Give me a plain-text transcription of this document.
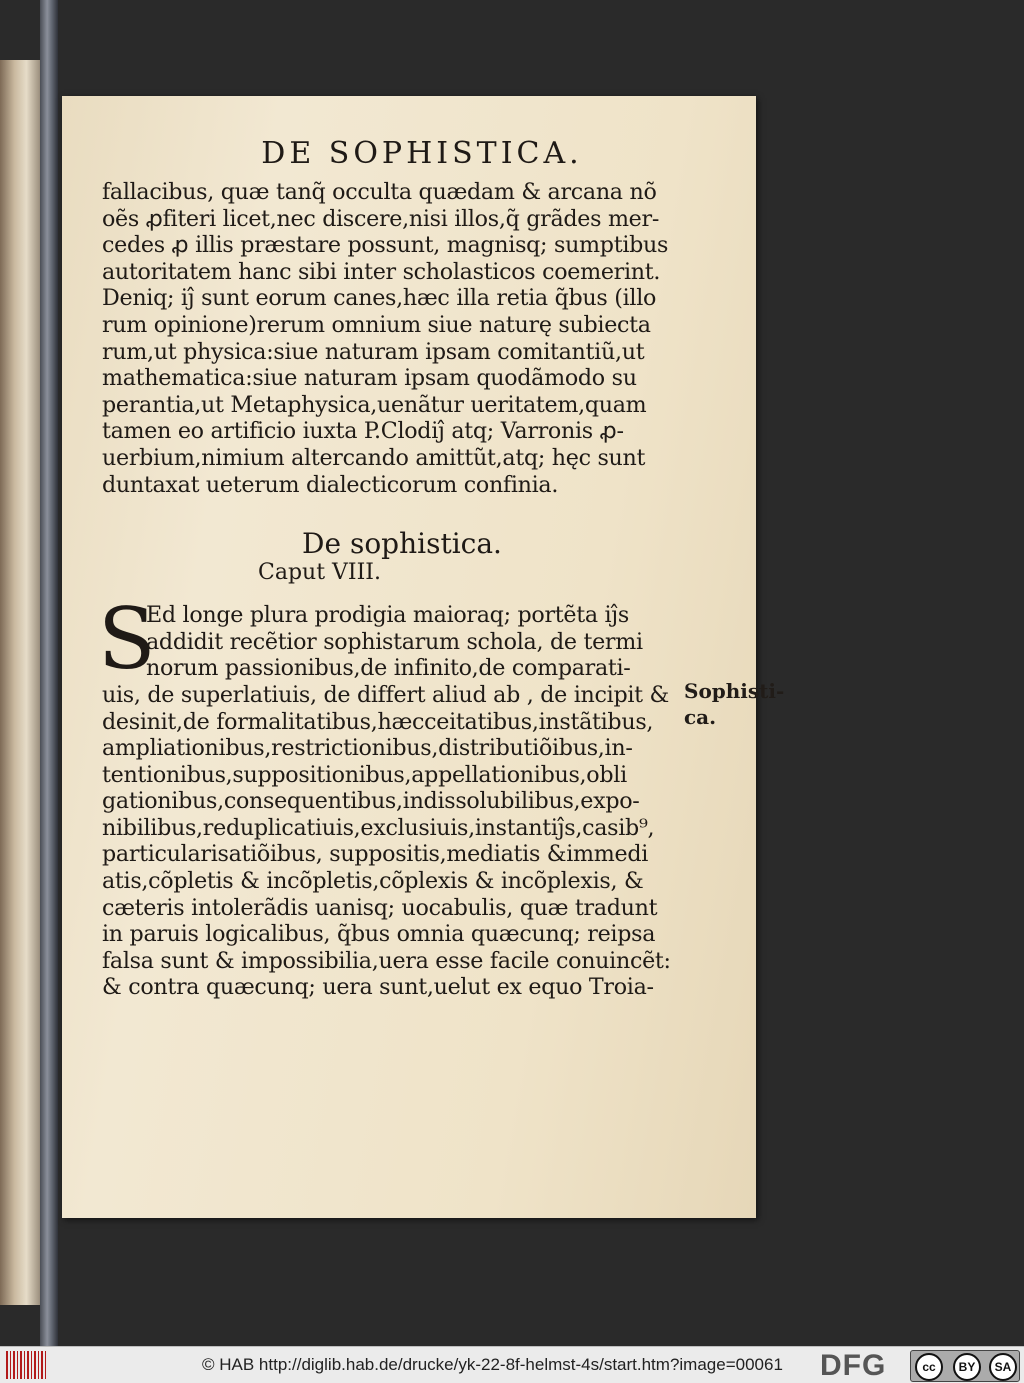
DE SOPHISTICA.
fallacibus, quæ tanq̃ occulta quædam & arcana nõ
oẽs ꝓfiteri licet,nec discere,nisi illos,q̃ grãdes mer-
cedes ꝓ illis præstare possunt, magnisq; sumptibus
autoritatem hanc sibi inter scholasticos coemerint.
Deniq; iĵ sunt eorum canes,hæc illa retia q̃bus (illo
rum opinione)rerum omnium siue naturę subiecta
rum,ut physica:siue naturam ipsam comitantiũ,ut
mathematica:siue naturam ipsam quodãmodo su
perantia,ut Metaphysica,uenãtur ueritatem,quam
tamen eo artificio iuxta P.Clodiĵ atq; Varronis ꝓ-
uerbium,nimium altercando amittũt,atq; hęc sunt
duntaxat ueterum dialecticorum confinia.
De sophistica.
Caput VIII.
S
Ed longe plura prodigia maioraq; portẽta iĵs
addidit recẽtior sophistarum schola, de termi
norum passionibus,de infinito,de comparati-
uis, de superlatiuis, de differt aliud ab , de incipit &
desinit,de formalitatibus,hæcceitatibus,instãtibus,
ampliationibus,restrictionibus,distributiõibus,in-
tentionibus,suppositionibus,appellationibus,obli
gationibus,consequentibus,indissolubilibus,expo-
nibilibus,reduplicatiuis,exclusiuis,instantiĵs,casib⁹,
particularisatiõibus, suppositis,mediatis &immedi
atis,cõpletis & incõpletis,cõplexis & incõplexis, &
cæteris intolerãdis uanisq; uocabulis, quæ tradunt
in paruis logicalibus, q̃bus omnia quæcunq; reipsa
falsa sunt & impossibilia,uera esse facile conuincẽt:
& contra quæcunq; uera sunt,uelut ex equo Troia-
Sophisti-
ca.
© HAB http://diglib.hab.de/drucke/yk-22-8f-helmst-4s/start.htm?image=00061 DFG	cc	BY	SA
